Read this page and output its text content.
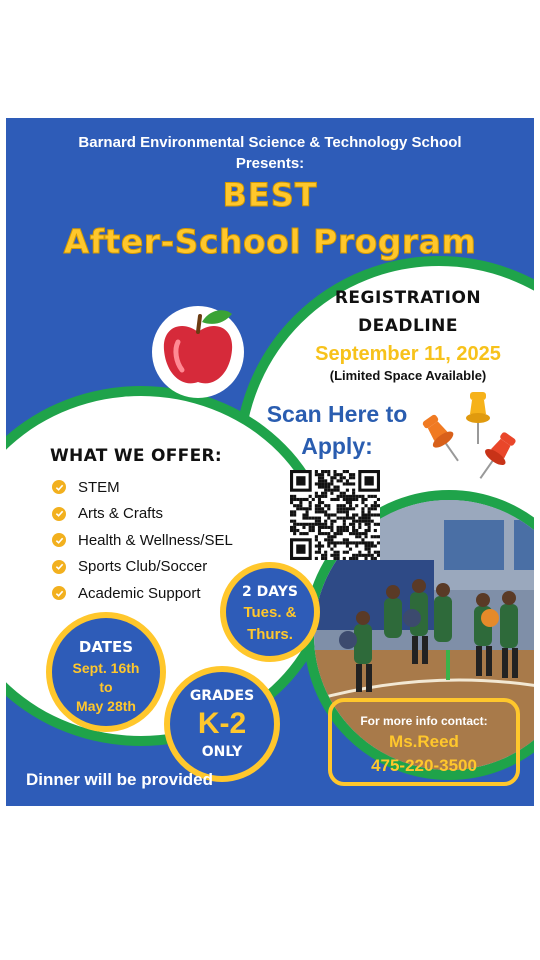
Barnard Environmental Science & Technology School
Presents:
BEST
After-School Program
REGISTRATION
DEADLINE
September 11, 2025
(Limited Space Available)
Scan Here to
Apply:
WHAT WE OFFER:
STEM
Arts & Crafts
Health & Wellness/SEL
Sports Club/Soccer
Academic Support	2 DAYS
Tues. &
Thurs.
DATES
Sept. 16th
to
May 28th
GRADES
K-2
ONLY
For more info contact:
Ms.Reed
475-220-3500
Dinner will be provided
